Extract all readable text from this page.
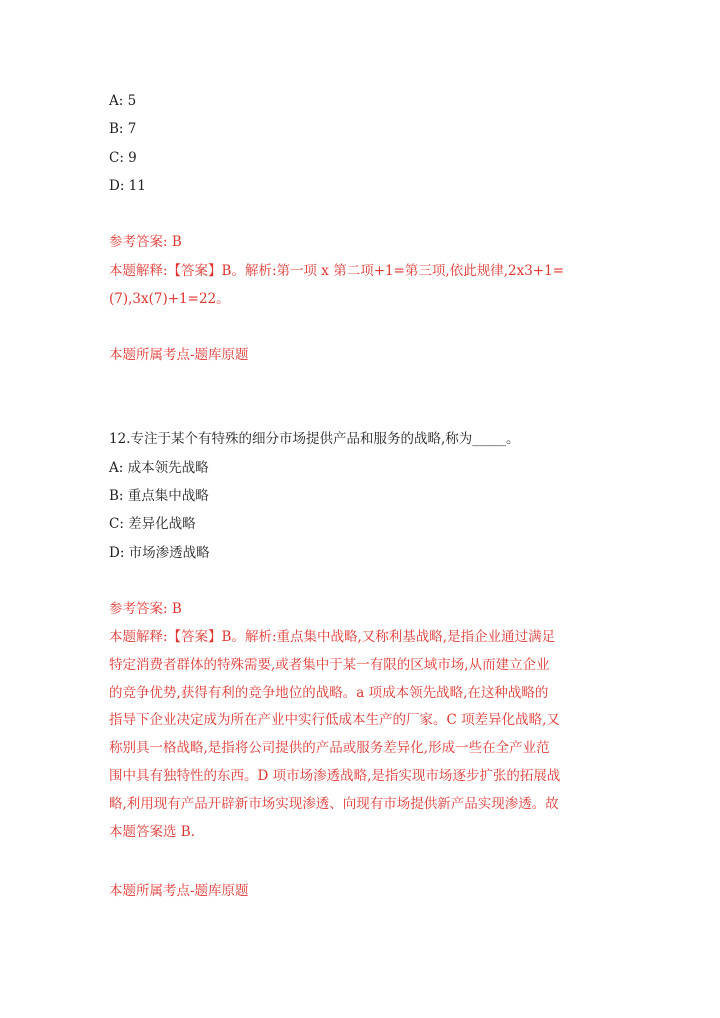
A: 5
B: 7
C: 9
D: 11
参考答案: B
本题解释:【答案】B。解析:第一项 x 第二项+1=第三项,依此规律,2x3+1=
(7),3x(7)+1=22。
本题所属考点-题库原题
12.专注于某个有特殊的细分市场提供产品和服务的战略,称为_____。
A: 成本领先战略
B: 重点集中战略
C: 差异化战略
D: 市场渗透战略
参考答案: B
本题解释:【答案】B。解析:重点集中战略,又称利基战略,是指企业通过满足
特定消费者群体的特殊需要,或者集中于某一有限的区域市场,从而建立企业
的竞争优势,获得有利的竞争地位的战略。a 项成本领先战略,在这种战略的
指导下企业决定成为所在产业中实行低成本生产的厂家。C 项差异化战略,又
称别具一格战略,是指将公司提供的产品或服务差异化,形成一些在全产业范
围中具有独特性的东西。D 项市场渗透战略,是指实现市场逐步扩张的拓展战
略,利用现有产品开辟新市场实现渗透、向现有市场提供新产品实现渗透。故
本题答案选 B.
本题所属考点-题库原题
